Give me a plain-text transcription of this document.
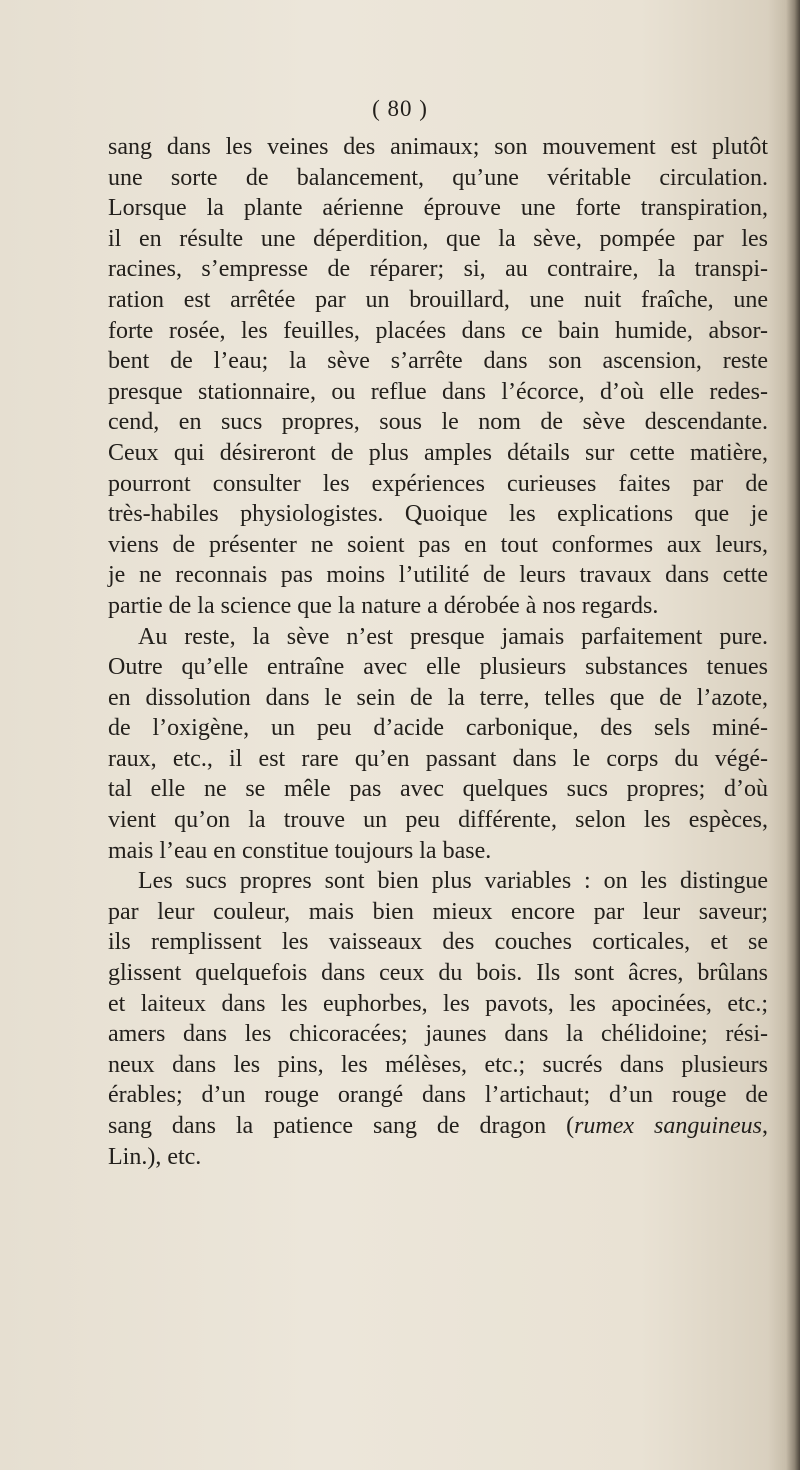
( 80 )
sang dans les veines des animaux; son mouvement est plutôt
une sorte de balancement, qu’une véritable circulation.
Lorsque la plante aérienne éprouve une forte transpiration,
il en résulte une déperdition, que la sève, pompée par les
racines, s’empresse de réparer; si, au contraire, la transpi-
ration est arrêtée par un brouillard, une nuit fraîche, une
forte rosée, les feuilles, placées dans ce bain humide, absor-
bent de l’eau; la sève s’arrête dans son ascension, reste
presque stationnaire, ou reflue dans l’écorce, d’où elle redes-
cend, en sucs propres, sous le nom de sève descendante.
Ceux qui désireront de plus amples détails sur cette matière,
pourront consulter les expériences curieuses faites par de
très-habiles physiologistes. Quoique les explications que je
viens de présenter ne soient pas en tout conformes aux leurs,
je ne reconnais pas moins l’utilité de leurs travaux dans cette
partie de la science que la nature a dérobée à nos regards.
Au reste, la sève n’est presque jamais parfaitement pure.
Outre qu’elle entraîne avec elle plusieurs substances tenues
en dissolution dans le sein de la terre, telles que de l’azote,
de l’oxigène, un peu d’acide carbonique, des sels miné-
raux, etc., il est rare qu’en passant dans le corps du végé-
tal elle ne se mêle pas avec quelques sucs propres; d’où
vient qu’on la trouve un peu différente, selon les espèces,
mais l’eau en constitue toujours la base.
Les sucs propres sont bien plus variables : on les distingue
par leur couleur, mais bien mieux encore par leur saveur;
ils remplissent les vaisseaux des couches corticales, et se
glissent quelquefois dans ceux du bois. Ils sont âcres, brûlans
et laiteux dans les euphorbes, les pavots, les apocinées, etc.;
amers dans les chicoracées; jaunes dans la chélidoine; rési-
neux dans les pins, les mélèses, etc.; sucrés dans plusieurs
érables; d’un rouge orangé dans l’artichaut; d’un rouge de
sang dans la patience sang de dragon (rumex sanguineus,
Lin.), etc.
